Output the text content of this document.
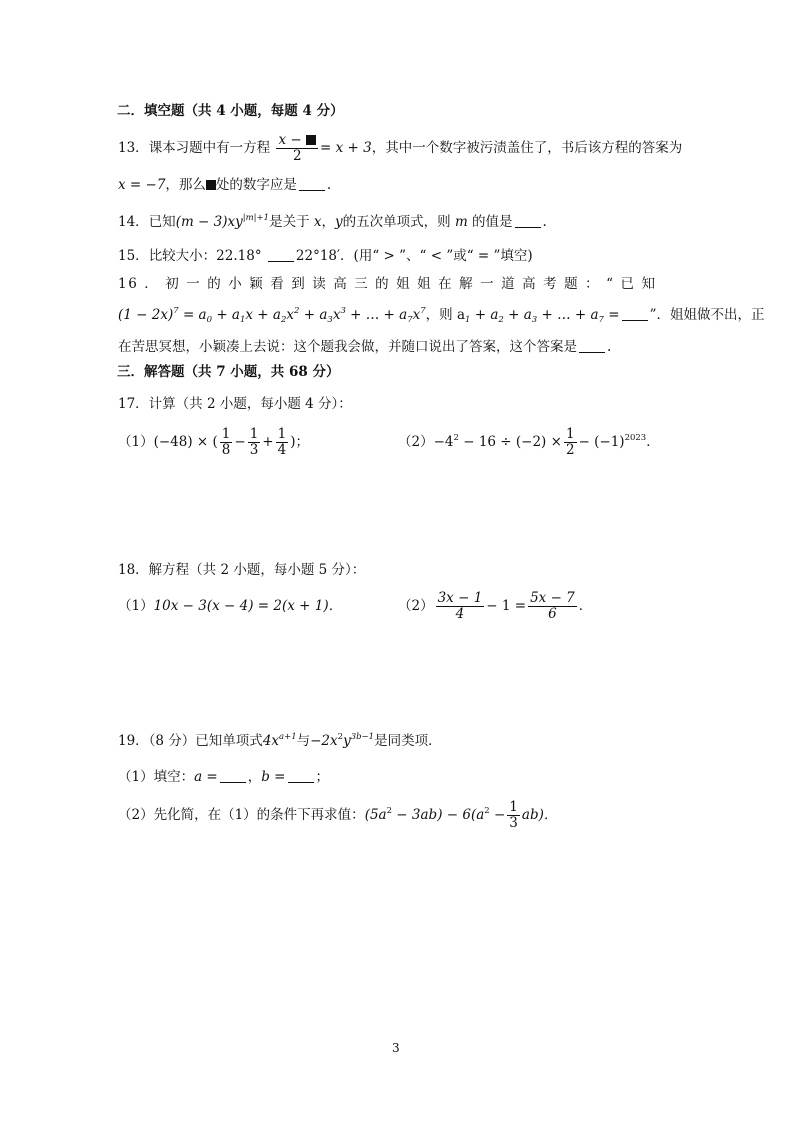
二．填空题（共 4 小题，每题 4 分）
13．课本习题中有一方程 $\frac{x -}{2} = x + 3$，其中一个数字被污渍盖住了，书后该方程的答案为
x = −7，那么 处的数字应是 .
14．已知$(m - 3)xy^{|m|+1}$是关于 x，y的五次单项式，则 m 的值是 .
15．比较大小：22.18°	22°18′．(用“ > ”、“ < ”或“ = ”填空)
16 ． 初 一 的 小 颖 看 到 读 高 三 的 姐 姐 在 解 一 道 高 考 题 ： “ 已 知
$(1 - 2x)^7 = a_0 + a_1x + a_2x^2 + a_3x^3$ + … + $a_7x^7$，则 $a_1 + a_2 + a_3$ + … + $a_7$ = ”．姐姐做不出，正
在苦思冥想，小颖凑上去说：这个题我会做，并随口说出了答案，这个答案是 .
三．解答题（共 7 小题，共 68 分）
17．计算（共 2 小题，每小题 4 分）：
（1）(−48) × ( $\frac{1}{8} - \frac{1}{3} + \frac{1}{4}$ )；	$(2)-4^2 - 16 \div (-2) \times \frac{1}{2} - (-1)^{2023}$．
18．解方程（共 2 小题，每小题 5 分）：
（1）10x − 3(x − 4) = 2(x + 1)．	$(2) \frac{3x - 1}{4} - 1 = \frac{5x - 7}{6}$ ．
19．（8 分）已知单项式$4x^{a+1}$与$-2x^2y^{3b-1}$是同类项．
（1）填空：a = ，b = ；
（2）先化简，在（1）的条件下再求值：$(5a^2 - 3ab) - 6(a^2 - \frac{1}{3} ab)$．
3
